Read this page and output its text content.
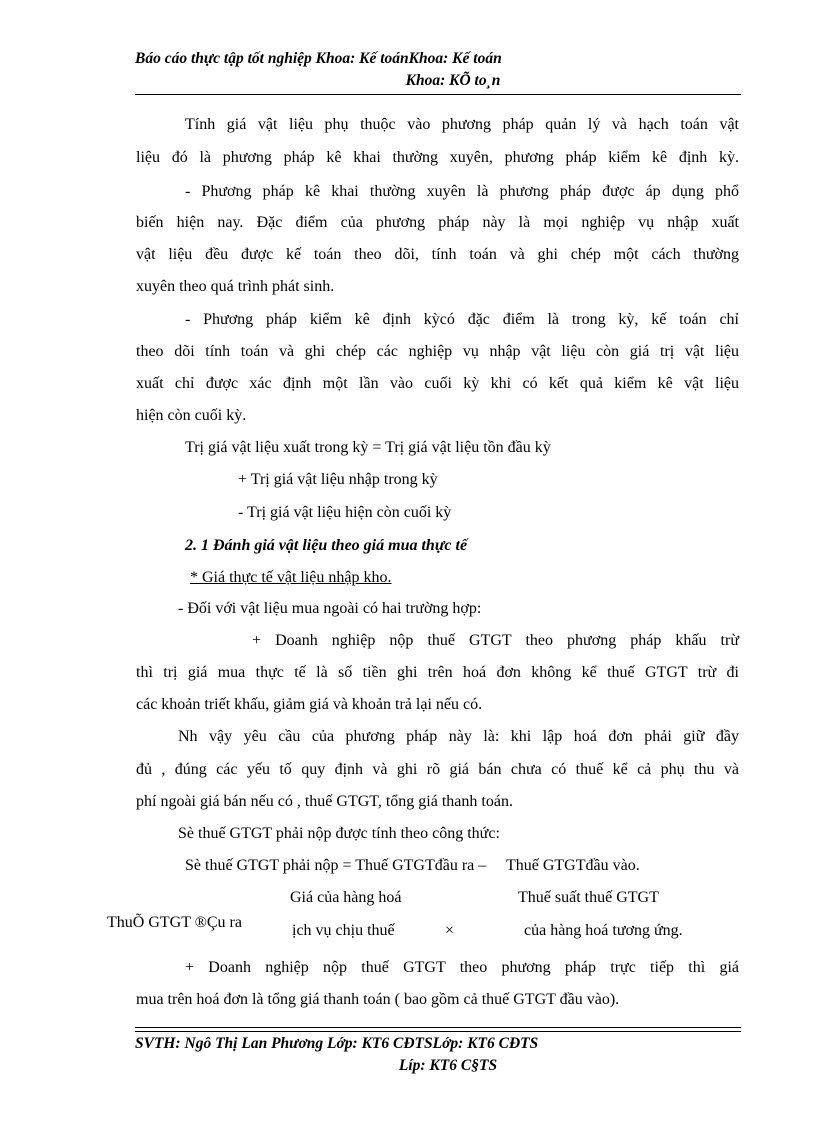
Báo cáo thực tập tốt nghiệp Khoa: Kế toánKhoa: Kế toán
Khoa: KÕ to¸n
Tính giá vật liệu phụ thuộc vào phương pháp quản lý và hạch toán vật
liệu đó là phương pháp kê khai thường xuyên, phương pháp kiểm kê định kỳ.
- Phương pháp kê khai thường xuyên là phương pháp được áp dụng phổ
biến hiện nay. Đặc điểm của phương pháp này là mọi nghiệp vụ nhập xuất
vật liệu đều được kế toán theo dõi, tính toán và ghi chép một cách thường
xuyên theo quá trình phát sinh.
- Phương pháp kiểm kê định kỳcó đặc điểm là trong kỳ, kế toán chỉ
theo dõi tính toán và ghi chép các nghiệp vụ nhập vật liệu còn giá trị vật liệu
xuất chỉ được xác định một lần vào cuối kỳ khi có kết quả kiểm kê vật liệu
hiện còn cuối kỳ.
Trị giá vật liệu xuất trong kỳ = Trị giá vật liệu tồn đầu kỳ
+ Trị giá vật liệu nhập trong kỳ
- Trị giá vật liệu hiện còn cuối kỳ
2. 1 Đánh giá vật liệu theo giá mua thực tế
* Giá thực tế vật liệu nhập kho.
- Đối với vật liệu mua ngoài có hai trường hợp:
+ Doanh nghiệp nộp thuế GTGT theo phương pháp khấu trừ
thì trị giá mua thực tế là số tiền ghi trên hoá đơn không kể thuế GTGT trừ đi
các khoản triết khấu, giảm giá và khoản trả lại nếu có.
Nh vậy yêu cầu của phương pháp này là: khi lập hoá đơn phải giữ đầy
đủ , đúng các yếu tố quy định và ghi rõ giá bán chưa có thuế kể cả phụ thu và
phí ngoài giá bán nếu có , thuế GTGT, tổng giá thanh toán.
Sè thuế GTGT phải nộp được tính theo công thức:
Sè thuế GTGT phải nộp = Thuế GTGTđầu ra –     Thuế GTGTđầu vào.
ThuÕ GTGT ®Çu ra
Giá của hàng hoá
ịch vụ chịu thuế	×
Thuế suất thuế GTGT
của hàng hoá tương ứng.
+ Doanh nghiệp nộp thuế GTGT theo phương pháp trực tiếp thì giá
mua trên hoá đơn là tổng giá thanh toán ( bao gồm cả thuế GTGT đầu vào).
SVTH: Ngô Thị Lan Phương Lớp: KT6 CĐTSLớp: KT6 CĐTS
Líp: KT6 C§TS
